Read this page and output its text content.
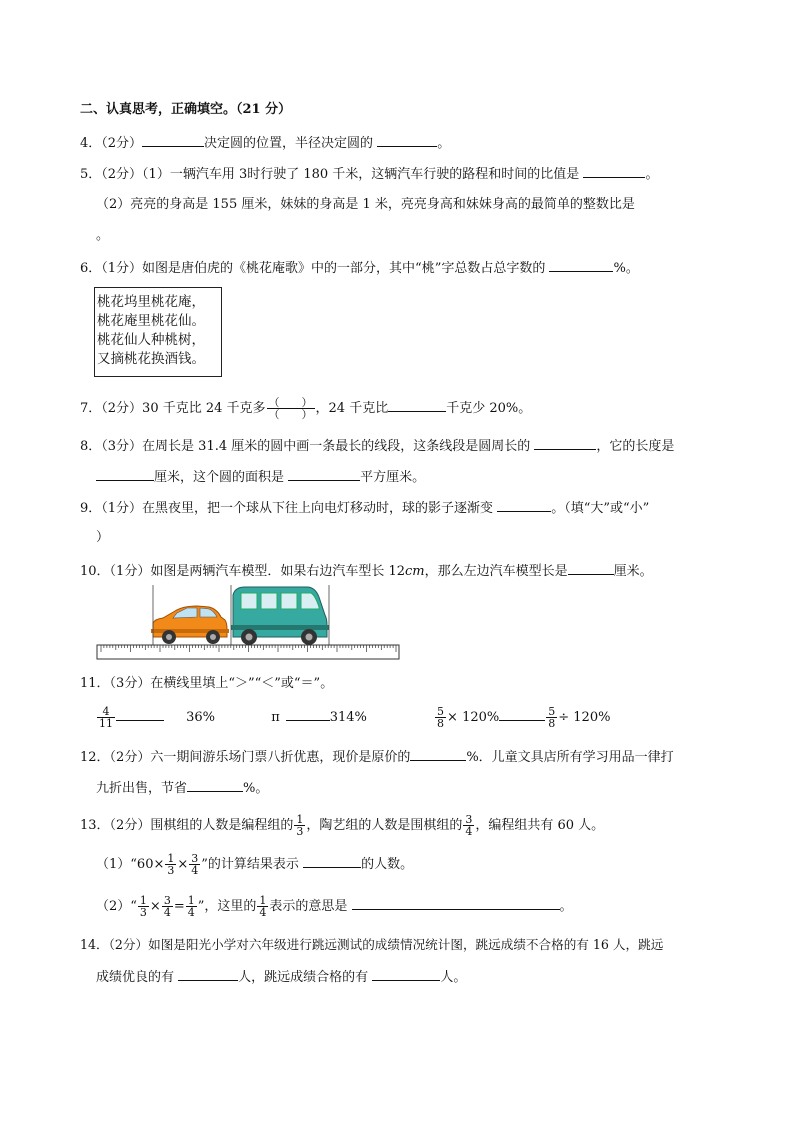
二、认真思考，正确填空。（21 分）
4．（2分）	决定圆的位置，半径决定圆的	。
5．（2分）（1）一辆汽车用 3时行驶了 180 千米，这辆汽车行驶的路程和时间的比值是	。
（2）亮亮的身高是 155 厘米，妹妹的身高是 1 米，亮亮身高和妹妹身高的最简单的整数比是
。
6．（1分）如图是唐伯虎的《桃花庵歌》中的一部分，其中“桃”字总数占总字数的	%。
桃花坞里桃花庵，
桃花庵里桃花仙。
桃花仙人种桃树，
又摘桃花换酒钱。
7．（2分）30 千克比 24 千克多 $\frac{( )}{( )}$ ，24 千克比	千克少 20%。
8．（3分）在周长是 31.4 厘米的圆中画一条最长的线段，这条线段是圆周长的	，它的长度是
厘米，这个圆的面积是	平方厘米。
9．（1分）在黑夜里，把一个球从下往上向电灯移动时，球的影子逐渐变	。（填“大”或“小”
）
10．（1分）如图是两辆汽车模型．如果右边汽车型长 12cm，那么左边汽车模型长是	厘米。
11．（3分）在横线里填上“＞”“＜”或“＝”。
$\frac{4}{11}$	36%	π	314%	$\frac{5}{8} \times 120\%$	$\frac{5}{8} \div 120\%$
12．（2分）六一期间游乐场门票八折优惠，现价是原价的	%．儿童文具店所有学习用品一律打
九折出售，节省	%。
13．（2分）围棋组的人数是编程组的 $\frac{1}{3}$ ，陶艺组的人数是围棋组的 $\frac{3}{4}$ ，编程组共有 60 人。
（1）“60× $\frac{1}{3} \times \frac{3}{4}$ ”的计算结果表示	的人数。
（2）“ $\frac{1}{3} \times \frac{3}{4} = \frac{1}{4}$ ”，这里的 $\frac{1}{4}$ 表示的意思是	。
14．（2分）如图是阳光小学对六年级进行跳远测试的成绩情况统计图，跳远成绩不合格的有 16 人，跳远
成绩优良的有	人，跳远成绩合格的有	人。
